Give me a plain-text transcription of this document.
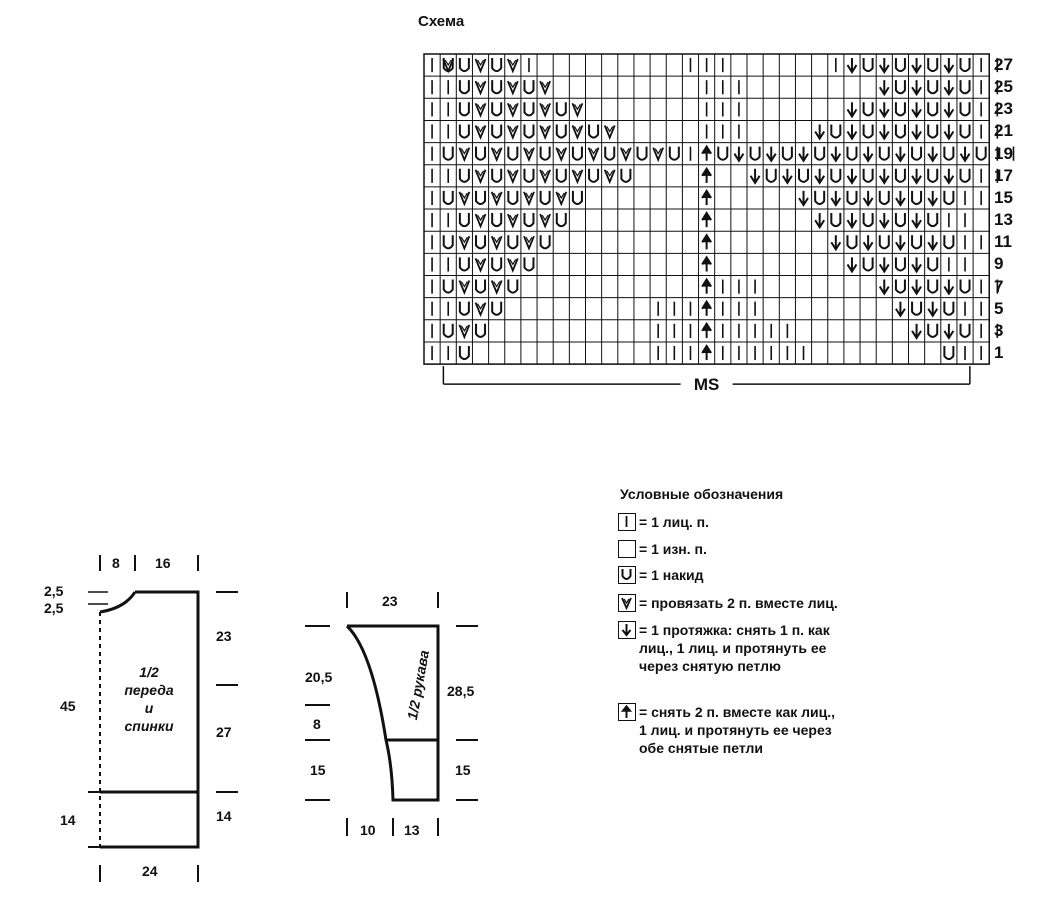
Схема
MS
27
25
23
21
19
17
15
13
11
9
7
5
3
1
Условные обозначения
= 1 лиц. п.
= 1 изн. п.
= 1 накид
= провязать 2 п. вместе лиц.
= 1 протяжка: снять 1 п. как
лиц., 1 лиц. и протянуть ее
через снятую петлю
= снять 2 п. вместе как лиц.,
1 лиц. и протянуть ее через
обе снятые петли
8	16
2,5
2,5
45
23
27
14
14
24
1/2
переда
и
спинки
23
20,5
8
15
28,5
15
10 13
1/2 рукава
